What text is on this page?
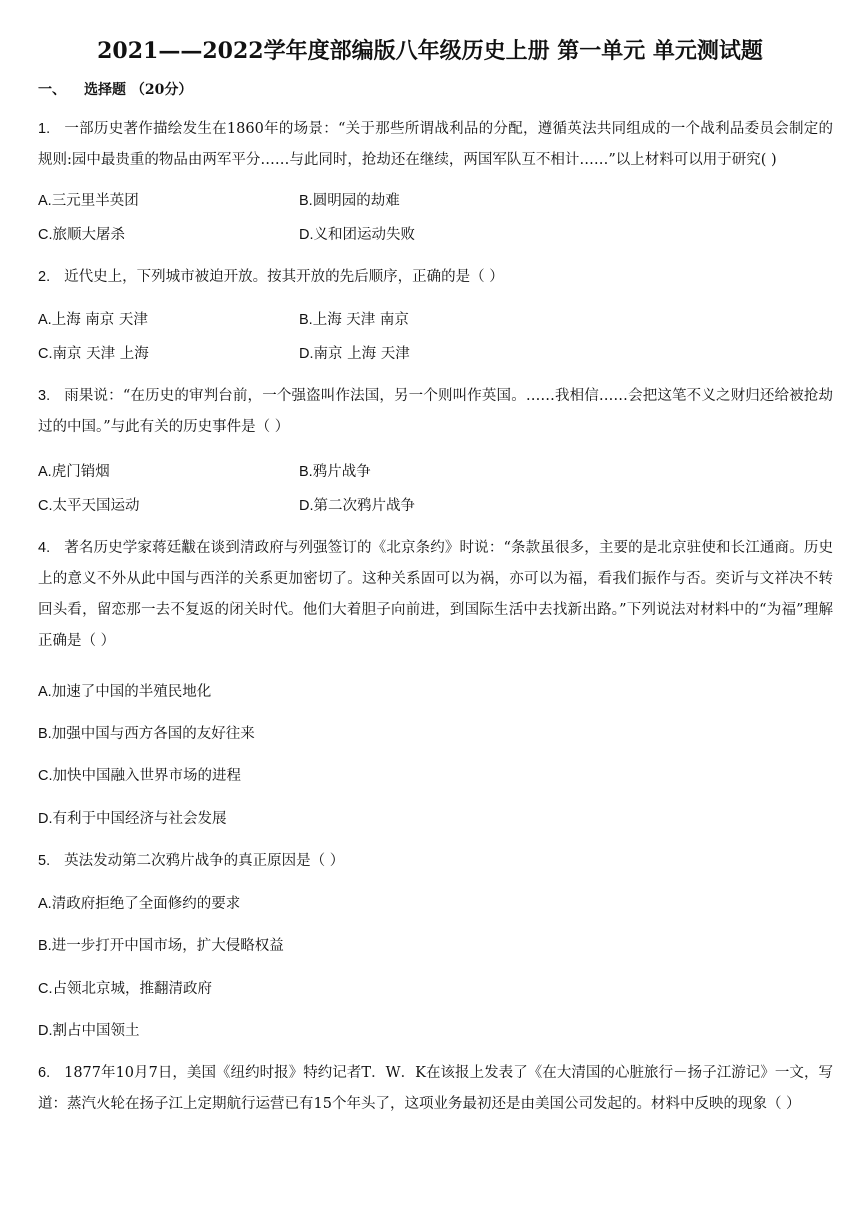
2021——2022学年度部编版八年级历史上册 第一单元 单元测试题
一、 选择题 （20分）
1. 一部历史著作描绘发生在1860年的场景：“关于那些所谓战利品的分配，遵循英法共同组成的一个战利品委员会制定的规则:园中最贵重的物品由两军平分……与此同时，抢劫还在继续，两国军队互不相计……”以上材料可以用于研究( )
A.三元里半英团	B.圆明园的劫难
C.旅顺大屠杀	D.义和团运动失败
2. 近代史上，下列城市被迫开放。按其开放的先后顺序，正确的是（ ）
A.上海 南京 天津	B.上海 天津 南京
C.南京 天津 上海	D.南京 上海 天津
3. 雨果说：“在历史的审判台前，一个强盗叫作法国，另一个则叫作英国。……我相信……会把这笔不义之财归还给被抢劫过的中国。”与此有关的历史事件是（ ）
A.虎门销烟	B.鸦片战争
C.太平天国运动	D.第二次鸦片战争
4. 著名历史学家蒋廷黻在谈到清政府与列强签订的《北京条约》时说：“条款虽很多，主要的是北京驻使和长江通商。历史上的意义不外从此中国与西洋的关系更加密切了。这种关系固可以为祸，亦可以为福，看我们振作与否。奕䜣与文祥决不转回头看，留恋那一去不复返的闭关时代。他们大着胆子向前进，到国际生活中去找新出路。”下列说法对材料中的“为福”理解正确是（ ）
A.加速了中国的半殖民地化
B.加强中国与西方各国的友好往来
C.加快中国融入世界市场的进程
D.有利于中国经济与社会发展
5. 英法发动第二次鸦片战争的真正原因是（ ）
A.清政府拒绝了全面修约的要求
B.进一步打开中国市场，扩大侵略权益
C.占领北京城，推翻清政府
D.割占中国领土
6. 1877年10月7日，美国《纽约时报》特约记者T．W．K在该报上发表了《在大清国的心脏旅行－扬子江游记》一文，写道：蒸汽火轮在扬子江上定期航行运营已有15个年头了，这项业务最初还是由美国公司发起的。材料中反映的现象（ ）
